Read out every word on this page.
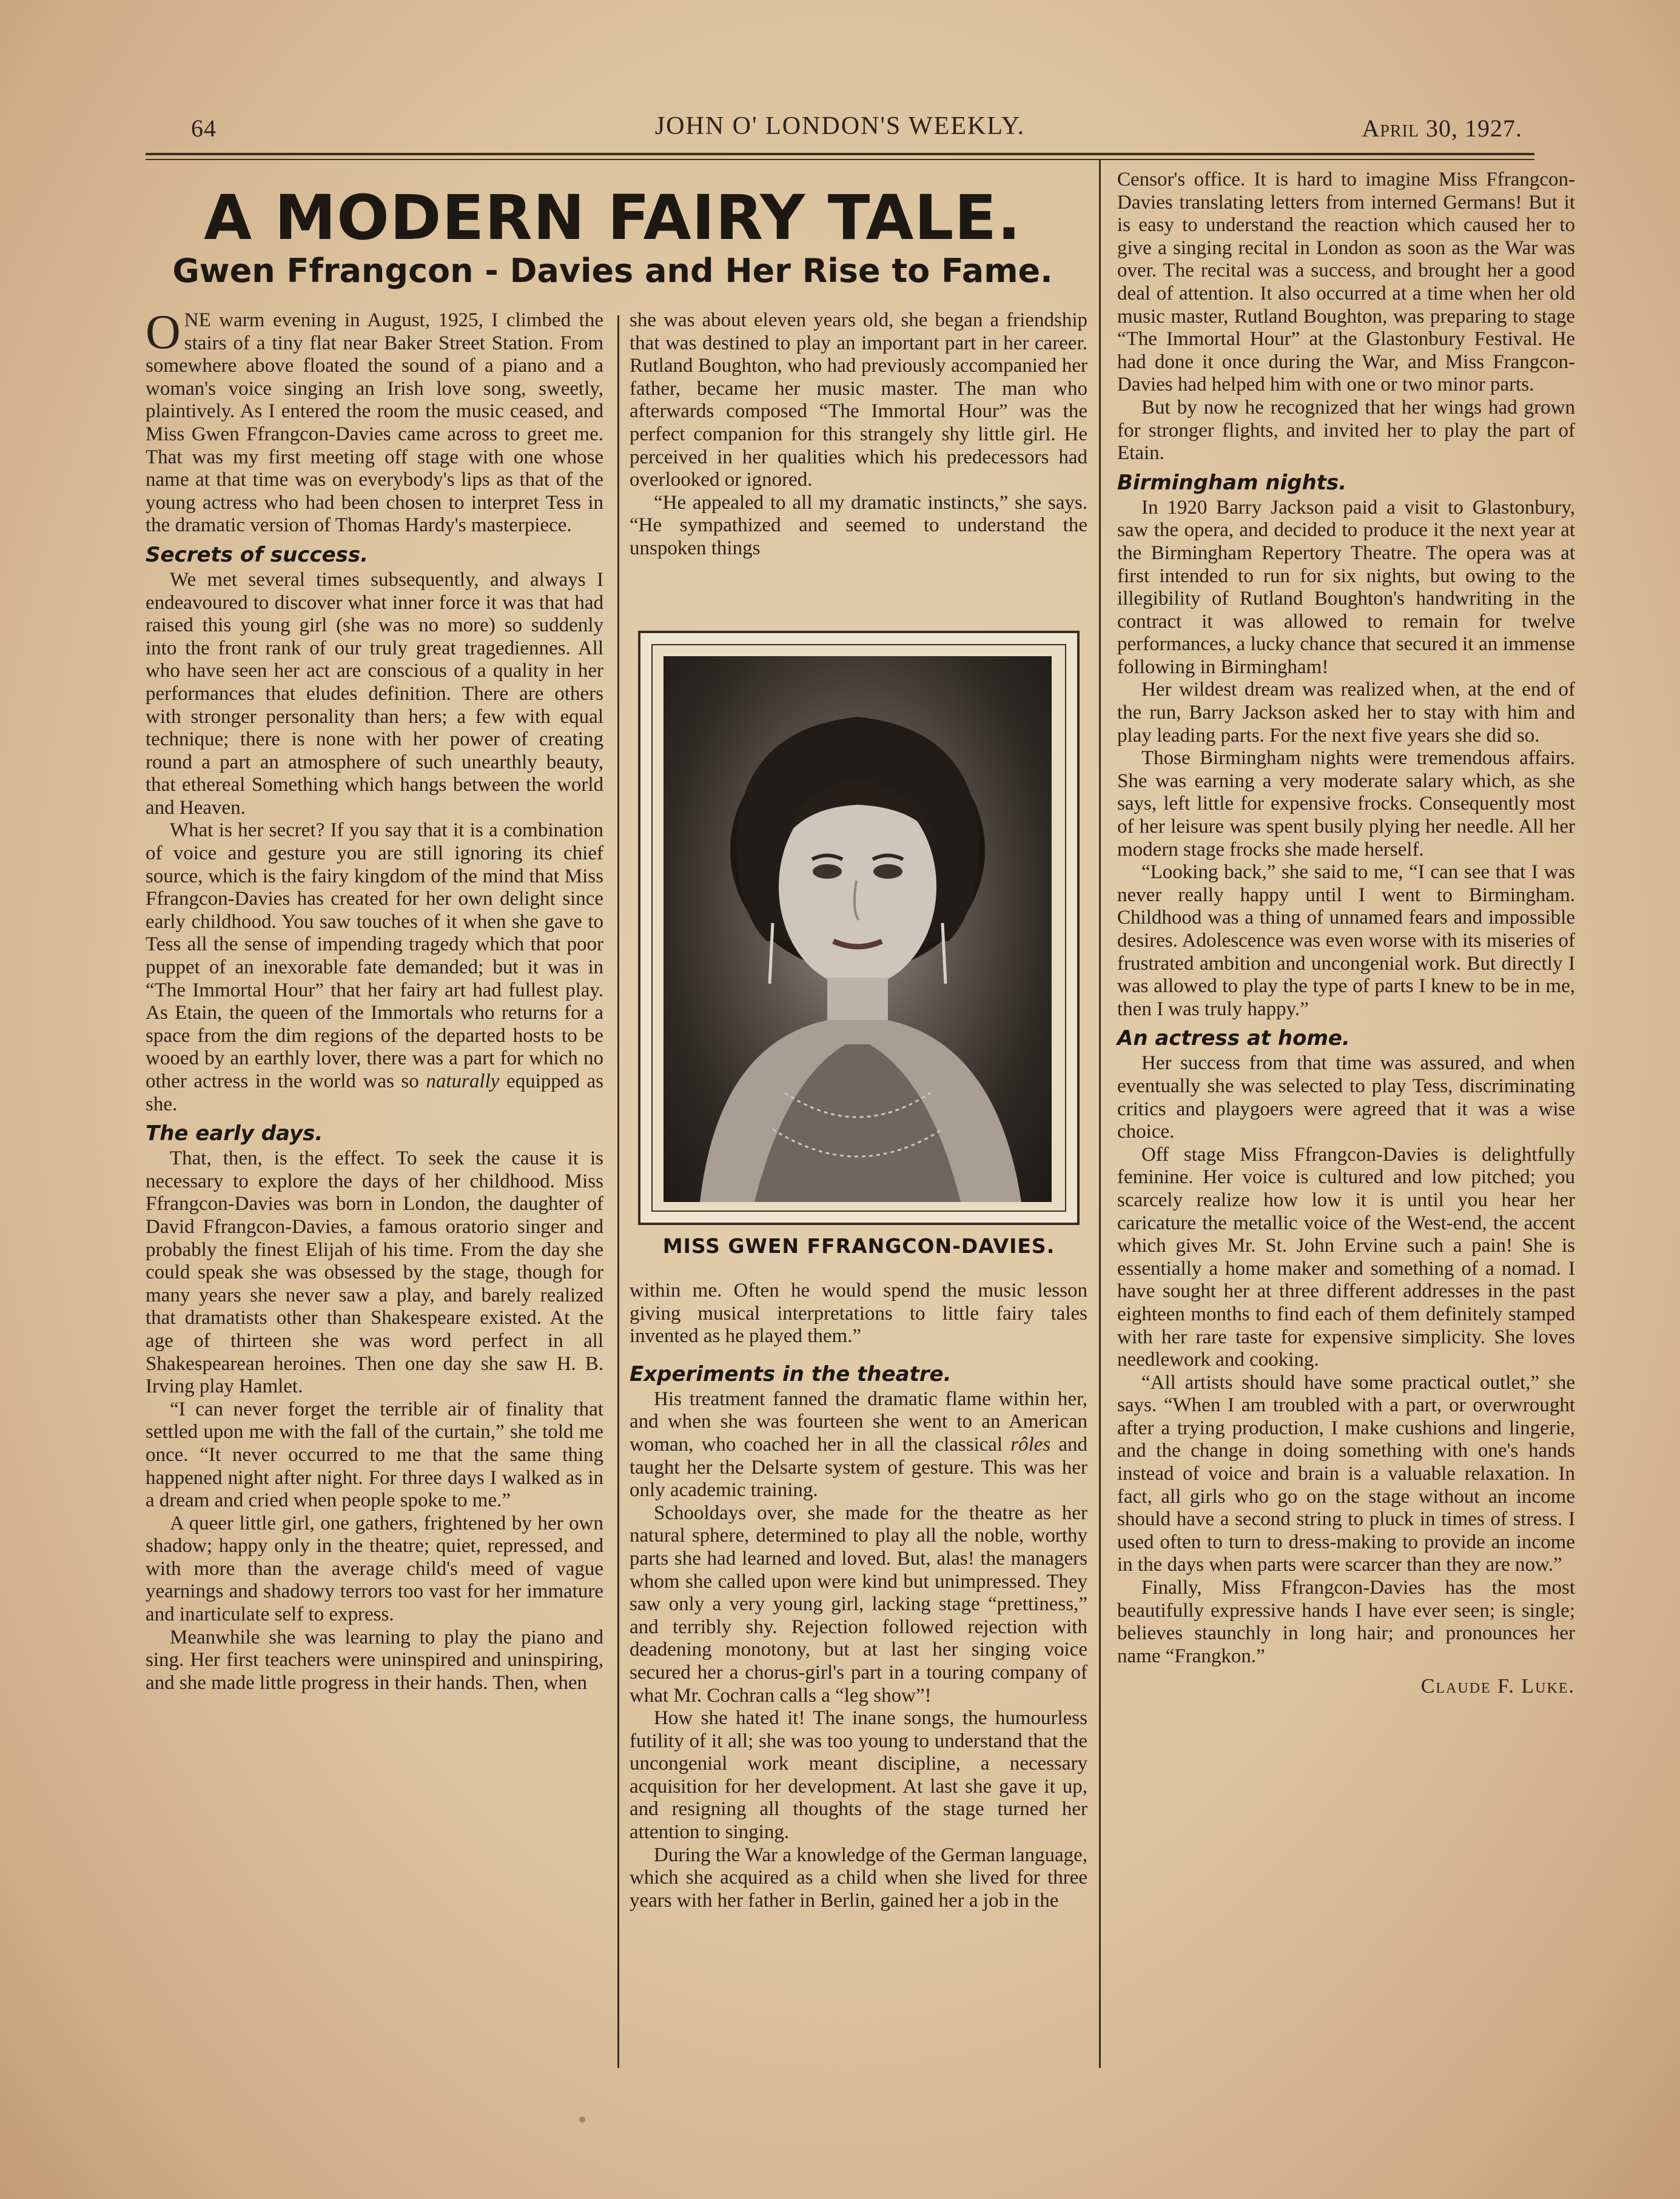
64	JOHN O' LONDON'S WEEKLY.	April 30, 1927.
A MODERN FAIRY TALE.
Gwen Ffrangcon - Davies and Her Rise to Fame.

ONE warm evening in August, 1925, I climbed the stairs of a tiny flat near Baker Street Station. From somewhere above floated the sound of a piano and a woman's voice singing an Irish love song, sweetly, plaintively. As I entered the room the music ceased, and Miss Gwen Ffrangcon-Davies came across to greet me. That was my first meeting off stage with one whose name at that time was on everybody's lips as that of the young actress who had been chosen to interpret Tess in the dramatic version of Thomas Hardy's masterpiece.

Secrets of success.

We met several times subsequently, and always I endeavoured to discover what inner force it was that had raised this young girl (she was no more) so suddenly into the front rank of our truly great tragediennes. All who have seen her act are conscious of a quality in her performances that eludes definition. There are others with stronger personality than hers; a few with equal technique; there is none with her power of creating round a part an atmosphere of such unearthly beauty, that ethereal Something which hangs between the world and Heaven.

What is her secret? If you say that it is a combination of voice and gesture you are still ignoring its chief source, which is the fairy kingdom of the mind that Miss Ffrangcon-Davies has created for her own delight since early childhood. You saw touches of it when she gave to Tess all the sense of impending tragedy which that poor puppet of an inexorable fate demanded; but it was in “The Immortal Hour” that her fairy art had fullest play. As Etain, the queen of the Immortals who returns for a space from the dim regions of the departed hosts to be wooed by an earthly lover, there was a part for which no other actress in the world was so naturally equipped as she.

The early days.

That, then, is the effect. To seek the cause it is necessary to explore the days of her childhood. Miss Ffrangcon-Davies was born in London, the daughter of David Ffrangcon-Davies, a famous oratorio singer and probably the finest Elijah of his time. From the day she could speak she was obsessed by the stage, though for many years she never saw a play, and barely realized that dramatists other than Shakespeare existed. At the age of thirteen she was word perfect in all Shakespearean heroines. Then one day she saw H. B. Irving play Hamlet.

“I can never forget the terrible air of finality that settled upon me with the fall of the curtain,” she told me once. “It never occurred to me that the same thing happened night after night. For three days I walked as in a dream and cried when people spoke to me.”

A queer little girl, one gathers, frightened by her own shadow; happy only in the theatre; quiet, repressed, and with more than the average child's meed of vague yearnings and shadowy terrors too vast for her immature and inarticulate self to express.

Meanwhile she was learning to play the piano and sing. Her first teachers were uninspired and uninspiring, and she made little progress in their hands. Then, when

she was about eleven years old, she began a friendship that was destined to play an important part in her career. Rutland Boughton, who had previously accompanied her father, became her music master. The man who afterwards composed “The Immortal Hour” was the perfect companion for this strangely shy little girl. He perceived in her qualities which his predecessors had overlooked or ignored.

“He appealed to all my dramatic instincts,” she says. “He sympathized and seemed to understand the unspoken things

MISS GWEN FFRANGCON-DAVIES.

within me. Often he would spend the music lesson giving musical interpretations to little fairy tales invented as he played them.”

Experiments in the theatre.

His treatment fanned the dramatic flame within her, and when she was fourteen she went to an American woman, who coached her in all the classical rôles and taught her the Delsarte system of gesture. This was her only academic training.

Schooldays over, she made for the theatre as her natural sphere, determined to play all the noble, worthy parts she had learned and loved. But, alas! the managers whom she called upon were kind but unimpressed. They saw only a very young girl, lacking stage “prettiness,” and terribly shy. Rejection followed rejection with deadening monotony, but at last her singing voice secured her a chorus-girl's part in a touring company of what Mr. Cochran calls a “leg show”!

How she hated it! The inane songs, the humourless futility of it all; she was too young to understand that the uncongenial work meant discipline, a necessary acquisition for her development. At last she gave it up, and resigning all thoughts of the stage turned her attention to singing.

During the War a knowledge of the German language, which she acquired as a child when she lived for three years with her father in Berlin, gained her a job in the

Censor's office. It is hard to imagine Miss Ffrangcon-Davies translating letters from interned Germans! But it is easy to understand the reaction which caused her to give a singing recital in London as soon as the War was over. The recital was a success, and brought her a good deal of attention. It also occurred at a time when her old music master, Rutland Boughton, was preparing to stage “The Immortal Hour” at the Glastonbury Festival. He had done it once during the War, and Miss Frangcon-Davies had helped him with one or two minor parts.

But by now he recognized that her wings had grown for stronger flights, and invited her to play the part of Etain.

Birmingham nights.

In 1920 Barry Jackson paid a visit to Glastonbury, saw the opera, and decided to produce it the next year at the Birmingham Repertory Theatre. The opera was at first intended to run for six nights, but owing to the illegibility of Rutland Boughton's handwriting in the contract it was allowed to remain for twelve performances, a lucky chance that secured it an immense following in Birmingham!

Her wildest dream was realized when, at the end of the run, Barry Jackson asked her to stay with him and play leading parts. For the next five years she did so.

Those Birmingham nights were tremendous affairs. She was earning a very moderate salary which, as she says, left little for expensive frocks. Consequently most of her leisure was spent busily plying her needle. All her modern stage frocks she made herself.

“Looking back,” she said to me, “I can see that I was never really happy until I went to Birmingham. Childhood was a thing of unnamed fears and impossible desires. Adolescence was even worse with its miseries of frustrated ambition and uncongenial work. But directly I was allowed to play the type of parts I knew to be in me, then I was truly happy.”

An actress at home.

Her success from that time was assured, and when eventually she was selected to play Tess, discriminating critics and playgoers were agreed that it was a wise choice.

Off stage Miss Ffrangcon-Davies is delightfully feminine. Her voice is cultured and low pitched; you scarcely realize how low it is until you hear her caricature the metallic voice of the West-end, the accent which gives Mr. St. John Ervine such a pain! She is essentially a home maker and something of a nomad. I have sought her at three different addresses in the past eighteen months to find each of them definitely stamped with her rare taste for expensive simplicity. She loves needlework and cooking.

“All artists should have some practical outlet,” she says. “When I am troubled with a part, or overwrought after a trying production, I make cushions and lingerie, and the change in doing something with one's hands instead of voice and brain is a valuable relaxation. In fact, all girls who go on the stage without an income should have a second string to pluck in times of stress. I used often to turn to dress-making to provide an income in the days when parts were scarcer than they are now.”

Finally, Miss Ffrangcon-Davies has the most beautifully expressive hands I have ever seen; is single; believes staunchly in long hair; and pronounces her name “Frangkon.”

Claude F. Luke.
